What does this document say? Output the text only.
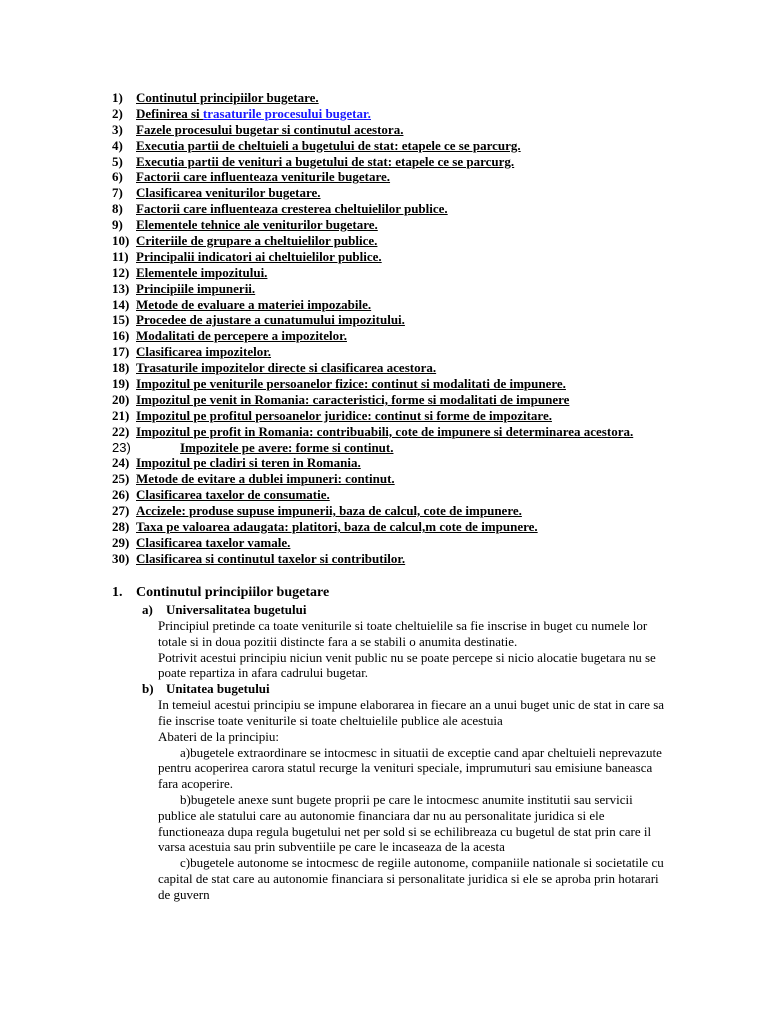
1) Continutul principiilor bugetare.
2) Definirea si trasaturile procesului bugetar.
3) Fazele procesului bugetar si continutul acestora.
4) Executia partii de cheltuieli a bugetului de stat: etapele ce se parcurg.
5) Executia partii de venituri a bugetului de stat: etapele ce se parcurg.
6) Factorii care influenteaza veniturile bugetare.
7) Clasificarea veniturilor bugetare.
8) Factorii care influenteaza cresterea cheltuielilor publice.
9) Elementele tehnice ale veniturilor bugetare.
10) Criteriile de grupare a cheltuielilor publice.
11) Principalii indicatori ai cheltuielilor publice.
12) Elementele impozitului.
13) Principiile impunerii.
14) Metode de evaluare a materiei impozabile.
15) Procedee de ajustare a cunatumului impozitului.
16) Modalitati de percepere a impozitelor.
17) Clasificarea impozitelor.
18) Trasaturile impozitelor directe si clasificarea acestora.
19) Impozitul pe veniturile persoanelor fizice: continut si modalitati de impunere.
20) Impozitul pe venit in Romania: caracteristici, forme si modalitati de impunere
21) Impozitul pe profitul persoanelor juridice: continut si forme de impozitare.
22) Impozitul pe profit in Romania: contribuabili, cote de impunere si determinarea acestora.
23)	Impozitele pe avere: forme si continut.
24) Impozitul pe cladiri si teren in Romania.
25) Metode de evitare a dublei impuneri: continut.
26) Clasificarea taxelor de consumatie.
27) Accizele: produse supuse impunerii, baza de calcul, cote de impunere.
28) Taxa pe valoarea adaugata: platitori, baza de calcul,m cote de impunere.
29) Clasificarea taxelor vamale.
30) Clasificarea si continutul taxelor si contributilor.
1. Continutul principiilor bugetare
a) Universalitatea bugetului
Principiul pretinde ca toate veniturile si toate cheltuielile sa fie inscrise in buget cu numele lor totale si in doua pozitii distincte fara a se stabili o anumita destinatie.
Potrivit acestui principiu niciun venit public nu se poate percepe si nicio alocatie bugetara nu se poate repartiza in afara cadrului bugetar.
b) Unitatea bugetului
In temeiul acestui principiu se impune elaborarea in fiecare an a unui buget unic de stat in care sa fie inscrise toate veniturile si toate cheltuielile publice ale acestuia
Abateri de la principiu:
a)bugetele extraordinare se intocmesc in situatii de exceptie cand apar cheltuieli neprevazute pentru acoperirea carora statul recurge la venituri speciale, imprumuturi sau emisiune baneasca fara acoperire.
b)bugetele anexe sunt bugete proprii pe care le intocmesc anumite institutii sau servicii publice ale statului care au autonomie financiara dar nu au personalitate juridica si ele functioneaza dupa regula bugetului net per sold si se echilibreaza cu bugetul de stat prin care il varsa acestuia sau prin subventiile pe care le incaseaza de la acesta
c)bugetele autonome se intocmesc de regiile autonome, companiile nationale si societatile cu capital de stat care au autonomie financiara si personalitate juridica si ele se aproba prin hotarari de guvern
